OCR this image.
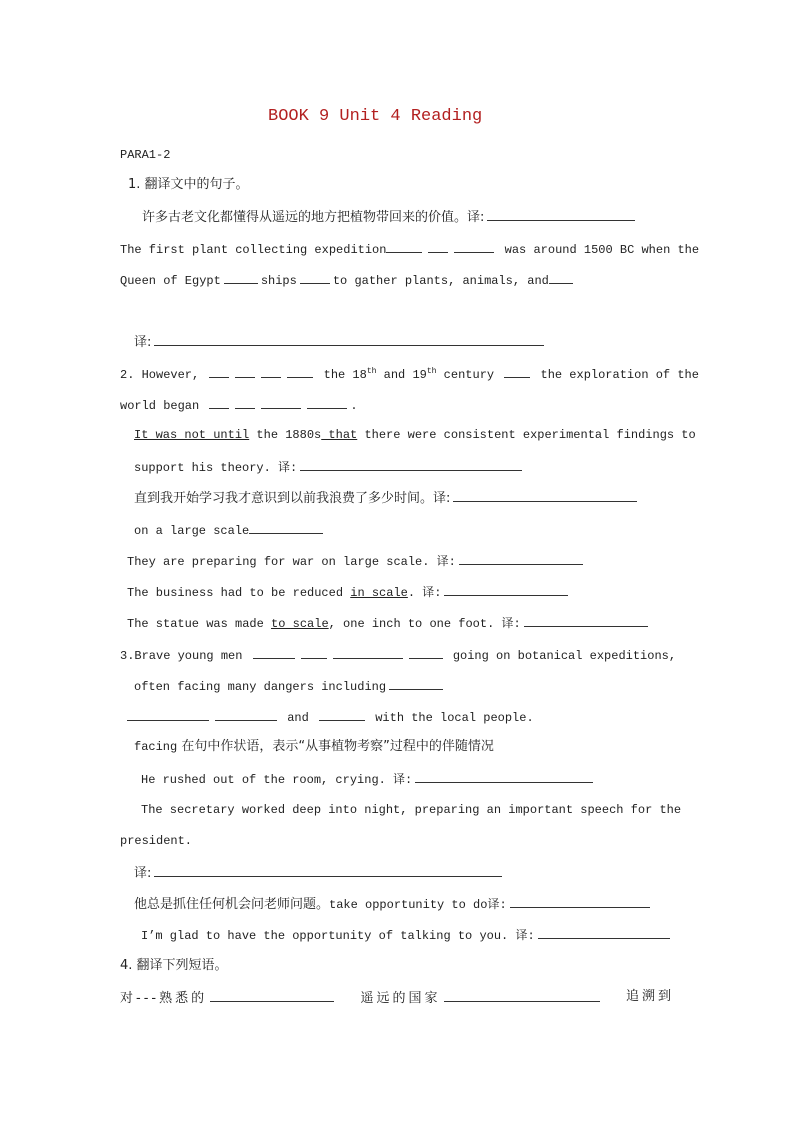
BOOK 9 Unit 4 Reading
PARA1-2
1. 翻译文中的句子。
许多古老文化都懂得从遥远的地方把植物带回来的价值。译:
The first plant collecting expedition	was around 1500 BC when the
Queen of Egypt	ships	to gather plants, animals, and
译:
2. However,	the 18th and 19th century	the exploration of the
world began	.
It was not until the 1880s that there were consistent experimental findings to
support his theory. 译:
直到我开始学习我才意识到以前我浪费了多少时间。译:
on a large scale
They are preparing for war on large scale. 译:
The business had to be reduced in scale. 译:
The statue was made to scale, one inch to one foot. 译:
3.Brave young men	going on botanical expeditions,
often facing many dangers including
and	with the local people.
facing 在句中作状语，表示“从事植物考察”过程中的伴随情况
He rushed out of the room, crying. 译:
The secretary worked deep into night, preparing an important speech for the
president.
译:
他总是抓住任何机会问老师问题。take opportunity to do译:
I’m glad to have the opportunity of talking to you. 译:
4. 翻译下列短语。
对---熟悉的	遥远的国家	追溯到
